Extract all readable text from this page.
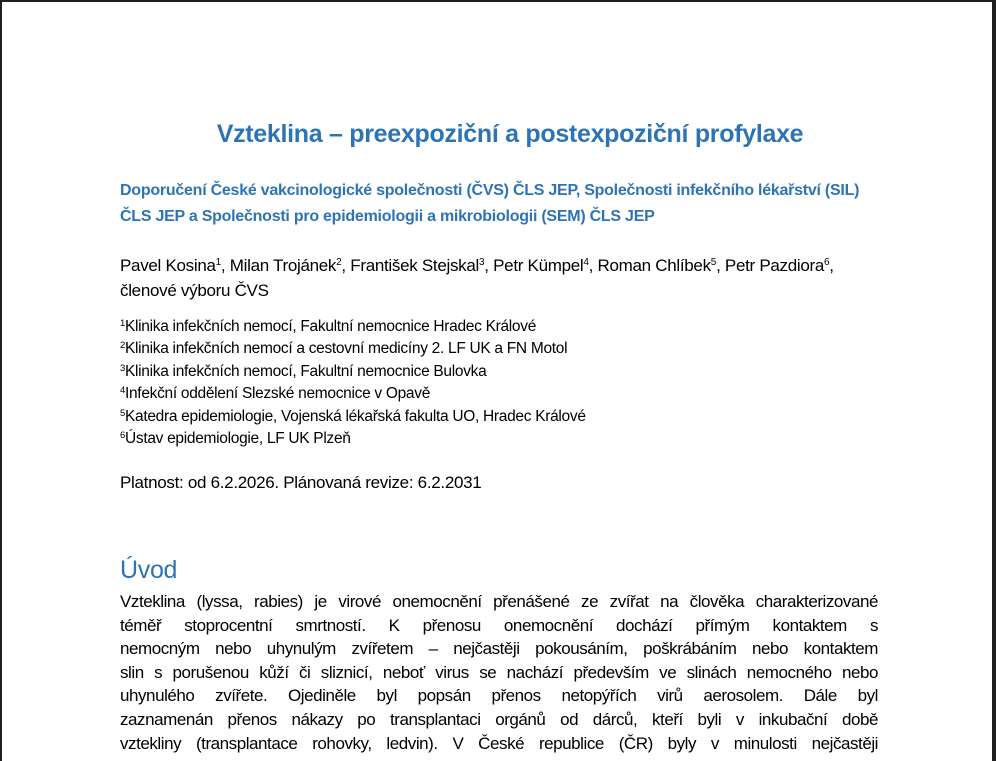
Vzteklina – preexpoziční a postexpoziční profylaxe
Doporučení České vakcinologické společnosti (ČVS) ČLS JEP, Společnosti infekčního lékařství (SIL) ČLS JEP a Společnosti pro epidemiologii a mikrobiologii (SEM) ČLS JEP
Pavel Kosina$^1$, Milan Trojánek$^2$, František Stejskal$^3$, Petr Kümpel$^4$, Roman Chlíbek$^5$, Petr Pazdiora$^6$, členové výboru ČVS
$^1$Klinika infekčních nemocí, Fakultní nemocnice Hradec Králové
$^2$Klinika infekčních nemocí a cestovní medicíny 2. LF UK a FN Motol
$^3$Klinika infekčních nemocí, Fakultní nemocnice Bulovka
$^4$Infekční oddělení Slezské nemocnice v Opavě
$^5$Katedra epidemiologie, Vojenská lékařská fakulta UO, Hradec Králové
$^6$Ústav epidemiologie, LF UK Plzeň
Platnost: od 6.2.2026. Plánovaná revize: 6.2.2031
Úvod
Vzteklina (lyssa, rabies) je virové onemocnění přenášené ze zvířat na člověka charakterizované
téměř stoprocentní smrtností. K přenosu onemocnění dochází přímým kontaktem s
nemocným nebo uhynulým zvířetem – nejčastěji pokousáním, poškrábáním nebo kontaktem
slin s porušenou kůží či sliznicí, neboť virus se nachází především ve slinách nemocného nebo
uhynulého zvířete. Ojediněle byl popsán přenos netopýřích virů aerosolem. Dále byl
zaznamenán přenos nákazy po transplantaci orgánů od dárců, kteří byli v inkubační době
vztekliny (transplantace rohovky, ledvin). V České republice (ČR) byly v minulosti nejčastěji
